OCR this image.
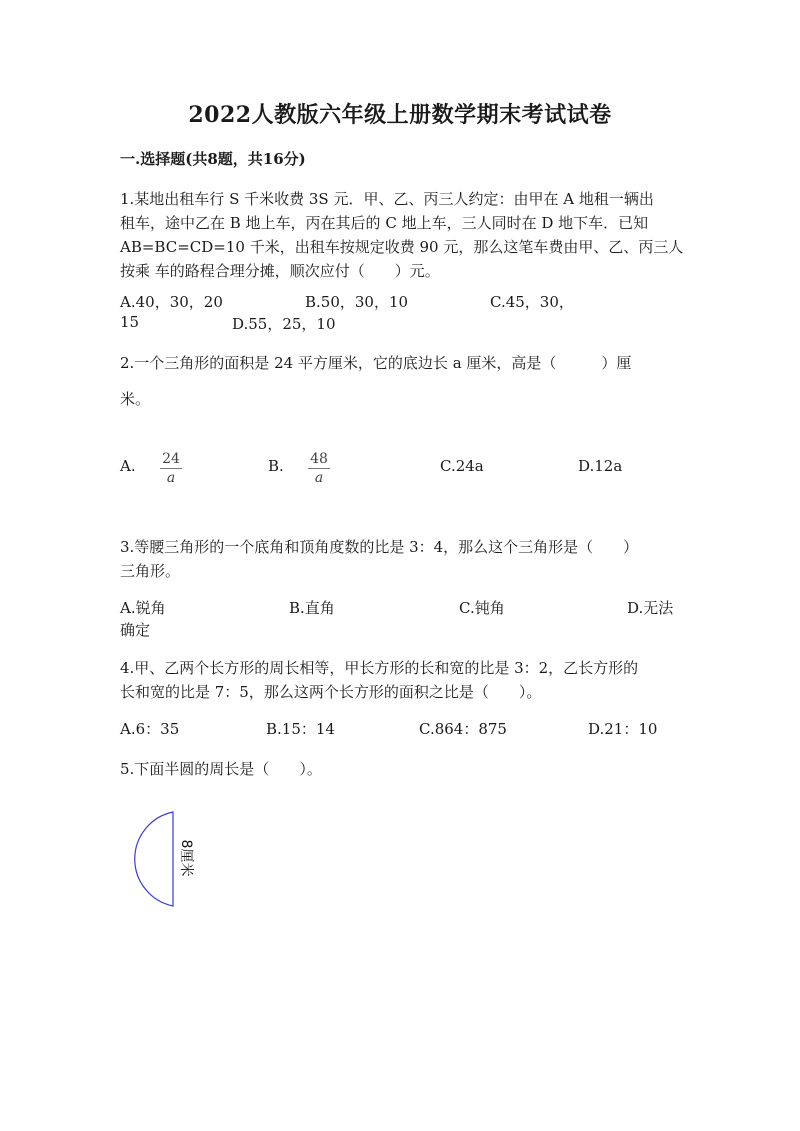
2022人教版六年级上册数学期末考试试卷
一.选择题(共8题，共16分)
1.某地出租车行 S 千米收费 3S 元．甲、乙、丙三人约定：由甲在 A 地租一辆出
租车，途中乙在 B 地上车，丙在其后的 C 地上车，三人同时在 D 地下车．已知
AB=BC=CD=10 千米，出租车按规定收费 90 元，那么这笔车费由甲、乙、丙三人
按乘 车的路程合理分摊，顺次应付（　　）元。
A.40，30，20	B.50，30，10	C.45，30，
15	D.55，25，10
2.一个三角形的面积是 24 平方厘米，它的底边长 a 厘米，高是（　　　）厘
米。
A. 24
a
B. 48
a
C.24a	D.12a
3.等腰三角形的一个底角和顶角度数的比是 3：4，那么这个三角形是（　　）
三角形。
A.锐角	B.直角	C.钝角	D.无法
确定
4.甲、乙两个长方形的周长相等，甲长方形的长和宽的比是 3：2，乙长方形的
长和宽的比是 7：5，那么这两个长方形的面积之比是（　　）。
A.6：35	B.15：14	C.864：875	D.21：10
5.下面半圆的周长是（　　）。
8厘米
